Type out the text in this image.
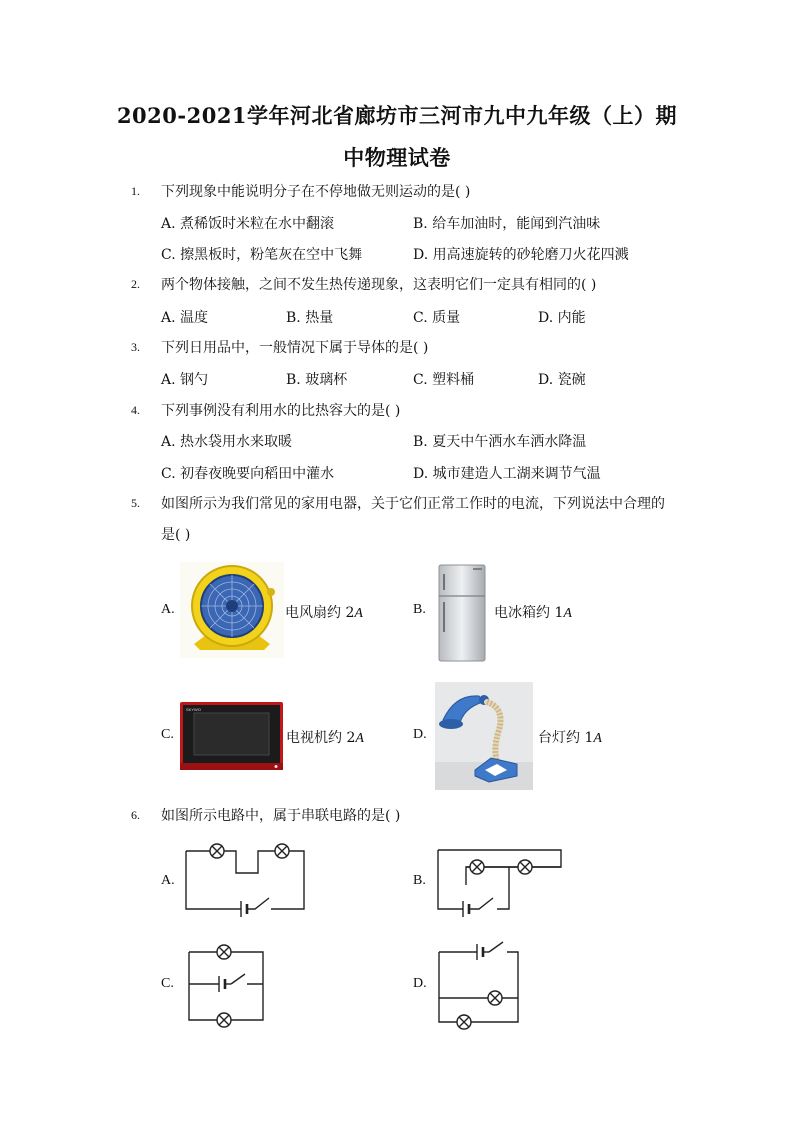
2020-2021学年河北省廊坊市三河市九中九年级（上）期
中物理试卷
1. 下列现象中能说明分子在不停地做无则运动的是( )
A. 煮稀饭时米粒在水中翻滚	B. 给车加油时，能闻到汽油味
C. 擦黑板时，粉笔灰在空中飞舞	D. 用高速旋转的砂轮磨刀火花四溅
2. 两个物体接触，之间不发生热传递现象，这表明它们一定具有相同的( )
A. 温度	B. 热量	C. 质量	D. 内能
3. 下列日用品中，一般情况下属于导体的是( )
A. 钢勺	B. 玻璃杯	C. 塑料桶	D. 瓷碗
4. 下列事例没有利用水的比热容大的是( )
A. 热水袋用水来取暖	B. 夏天中午洒水车洒水降温
C. 初春夜晚要向稻田中灌水	D. 城市建造人工湖来调节气温
5. 如图所示为我们常见的家用电器，关于它们正常工作时的电流，下列说法中合理的
是( )
A.	电风扇约 2A	B.	电冰箱约 1A
C.
SKYWO
电视机约 2A	D.	台灯约 1A
6. 如图所示电路中，属于串联电路的是( )
A.	B.
C.	D.
